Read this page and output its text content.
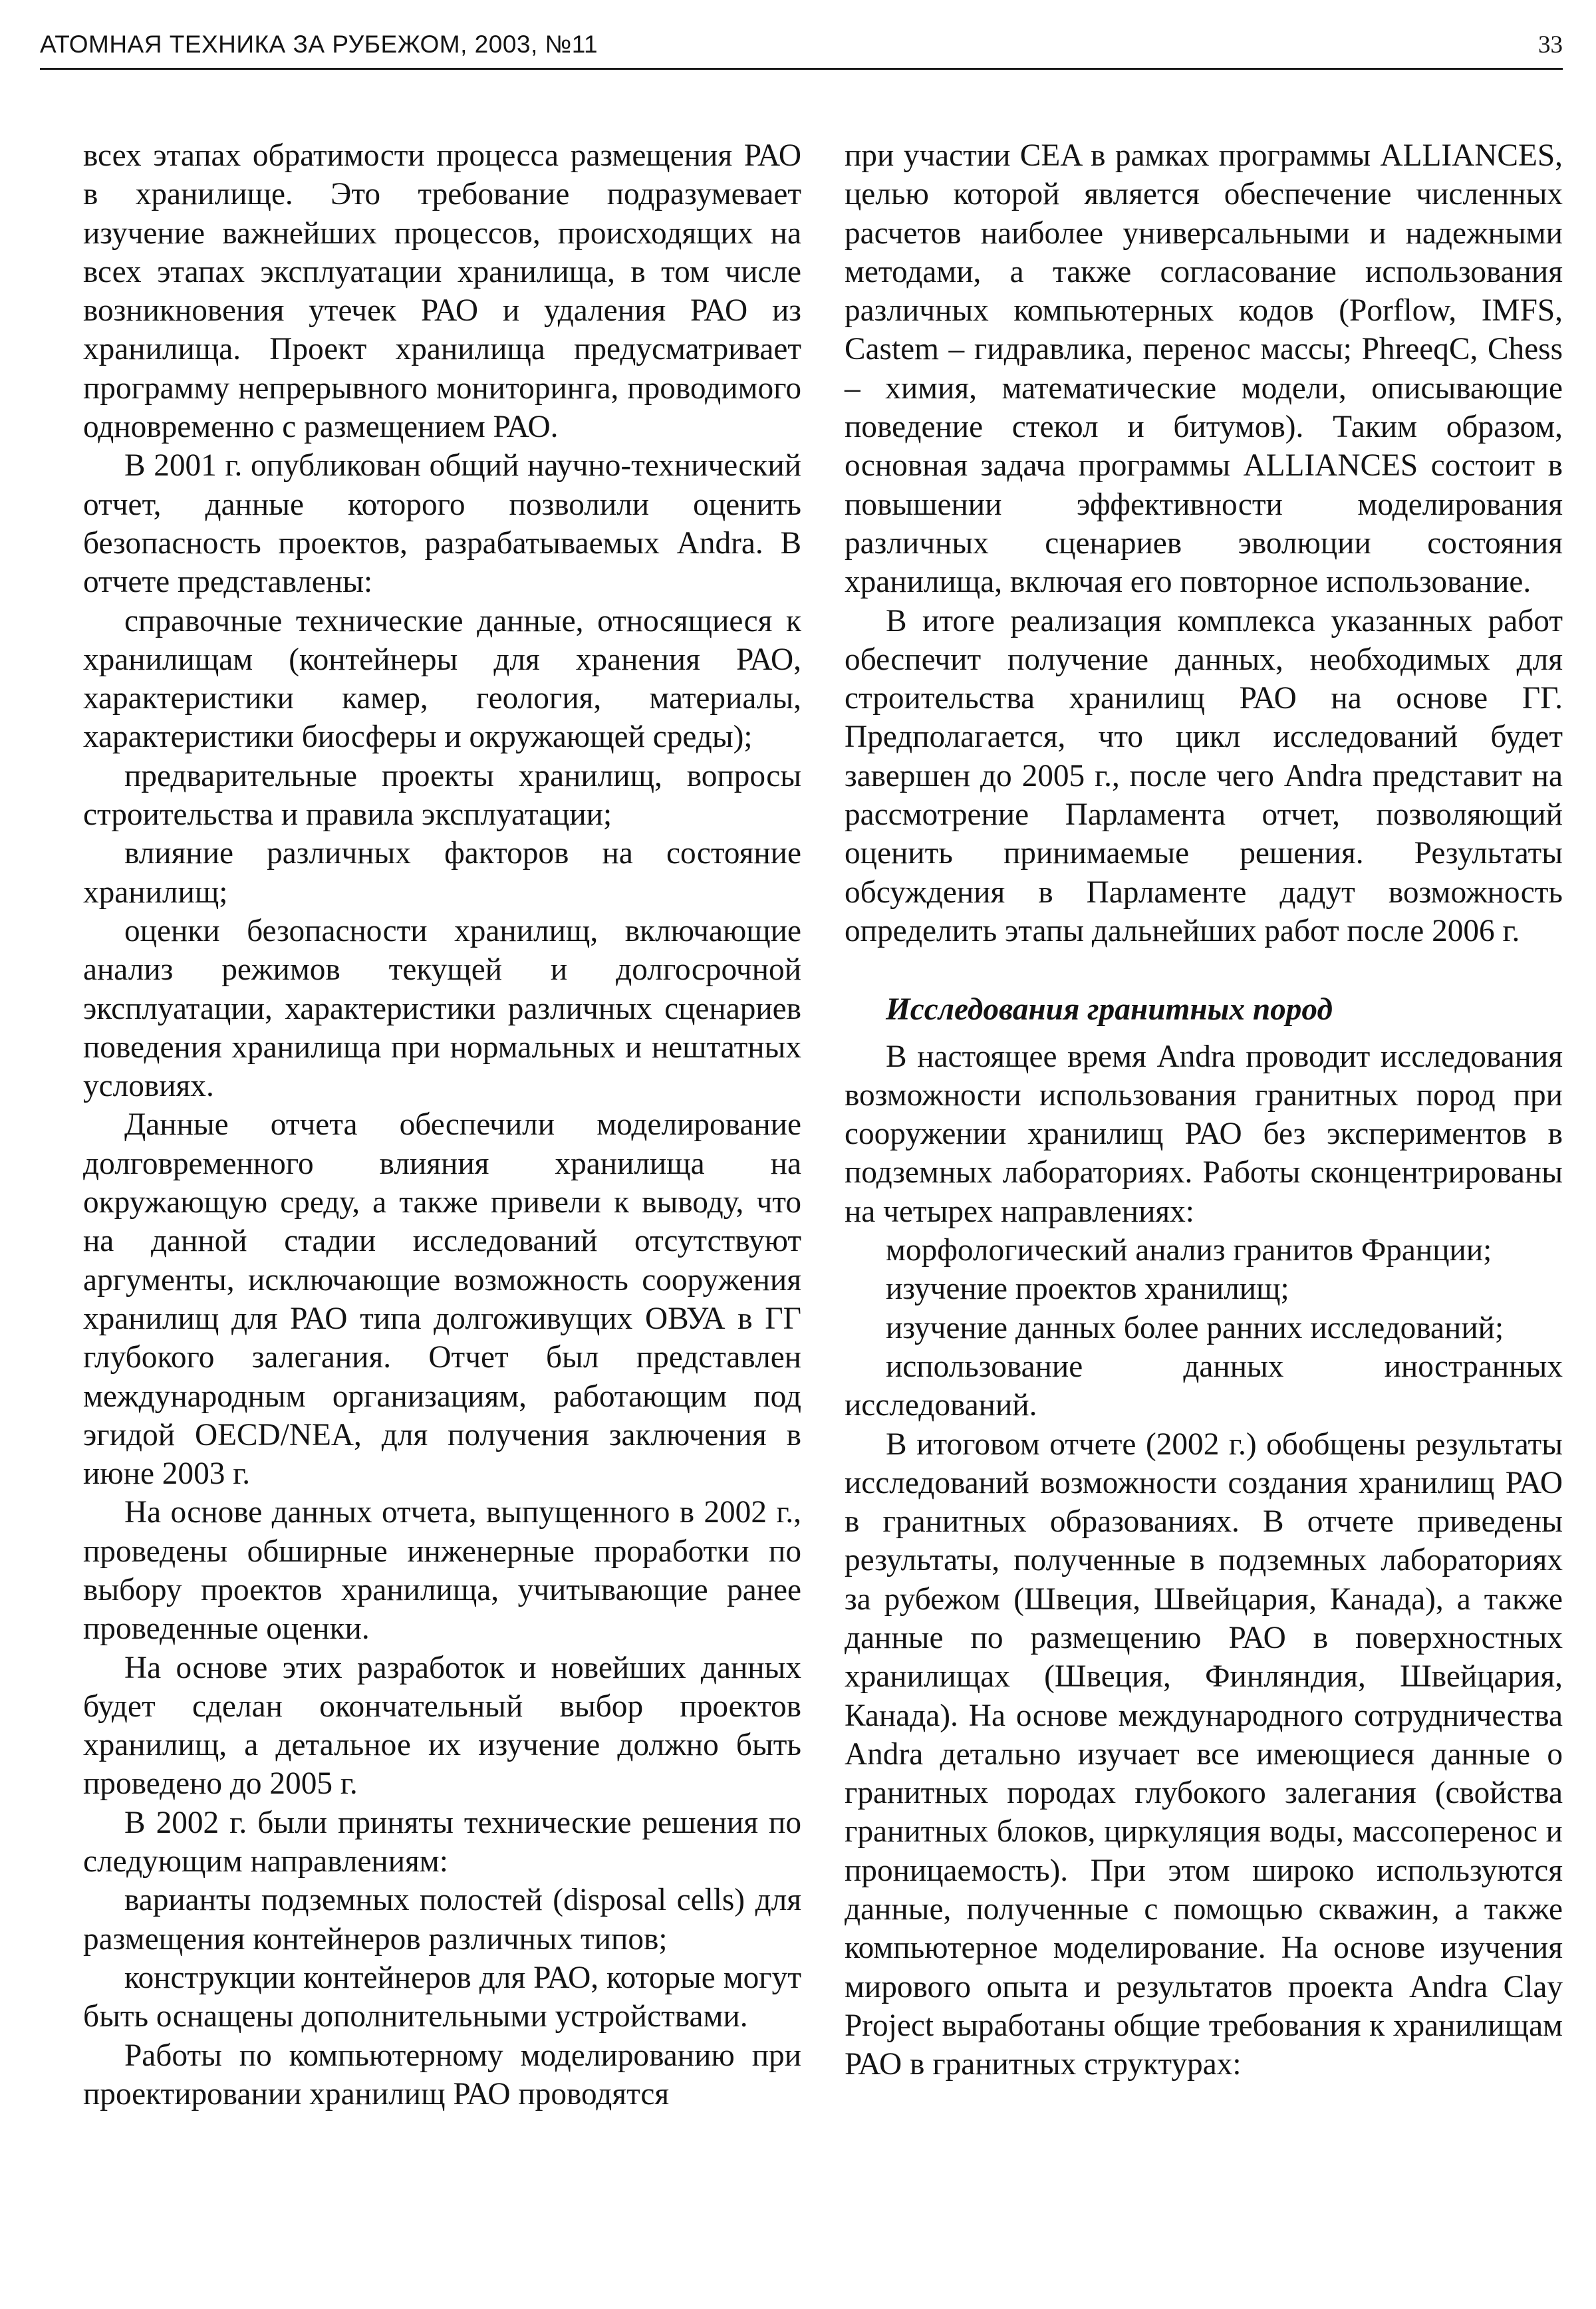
АТОМНАЯ ТЕХНИКА ЗА РУБЕЖОМ, 2003, №11	33

всех этапах обратимости процесса размещения РАО в хранилище. Это требование подразумевает изучение важнейших процессов, происходящих на всех этапах эксплуатации хранилища, в том числе возникновения утечек РАО и удаления РАО из хранилища. Проект хранилища предусматривает программу непрерывного мониторинга, проводимого одновременно с размещением РАО.

В 2001 г. опубликован общий научно-технический отчет, данные которого позволили оценить безопасность проектов, разрабатываемых Andra. В отчете представлены:

справочные технические данные, относящиеся к хранилищам (контейнеры для хранения РАО, характеристики камер, геология, материалы, характеристики биосферы и окружающей среды);

предварительные проекты хранилищ, вопросы строительства и правила эксплуатации;

влияние различных факторов на состояние хранилищ;

оценки безопасности хранилищ, включающие анализ режимов текущей и долгосрочной эксплуатации, характеристики различных сценариев поведения хранилища при нормальных и нештатных условиях.

Данные отчета обеспечили моделирование долговременного влияния хранилища на окружающую среду, а также привели к выводу, что на данной стадии исследований отсутствуют аргументы, исключающие возможность сооружения хранилищ для РАО типа долгоживущих ОВУА в ГГ глубокого залегания. Отчет был представлен международным организациям, работающим под эгидой OECD/NEA, для получения заключения в июне 2003 г.

На основе данных отчета, выпущенного в 2002 г., проведены обширные инженерные проработки по выбору проектов хранилища, учитывающие ранее проведенные оценки.

На основе этих разработок и новейших данных будет сделан окончательный выбор проектов хранилищ, а детальное их изучение должно быть проведено до 2005 г.

В 2002 г. были приняты технические решения по следующим направлениям:

варианты подземных полостей (disposal cells) для размещения контейнеров различных типов;

конструкции контейнеров для РАО, которые могут быть оснащены дополнительными устройствами.

Работы по компьютерному моделированию при проектировании хранилищ РАО проводятся

при участии CEA в рамках программы ALLIANCES, целью которой является обеспечение численных расчетов наиболее универсальными и надежными методами, а также согласование использования различных компьютерных кодов (Porflow, IMFS, Castem – гидравлика, перенос массы; PhreeqC, Chess – химия, математические модели, описывающие поведение стекол и битумов). Таким образом, основная задача программы ALLIANCES состоит в повышении эффективности моделирования различных сценариев эволюции состояния хранилища, включая его повторное использование.

В итоге реализация комплекса указанных работ обеспечит получение данных, необходимых для строительства хранилищ РАО на основе ГГ. Предполагается, что цикл исследований будет завершен до 2005 г., после чего Andra представит на рассмотрение Парламента отчет, позволяющий оценить принимаемые решения. Результаты обсуждения в Парламенте дадут возможность определить этапы дальнейших работ после 2006 г.

Исследования гранитных пород

В настоящее время Andra проводит исследования возможности использования гранитных пород при сооружении хранилищ РАО без экспериментов в подземных лабораториях. Работы сконцентрированы на четырех направлениях:

морфологический анализ гранитов Франции;

изучение проектов хранилищ;

изучение данных более ранних исследований;

использование данных иностранных исследований.

В итоговом отчете (2002 г.) обобщены результаты исследований возможности создания хранилищ РАО в гранитных образованиях. В отчете приведены результаты, полученные в подземных лабораториях за рубежом (Швеция, Швейцария, Канада), а также данные по размещению РАО в поверхностных хранилищах (Швеция, Финляндия, Швейцария, Канада). На основе международного сотрудничества Andra детально изучает все имеющиеся данные о гранитных породах глубокого залегания (свойства гранитных блоков, циркуляция воды, массоперенос и проницаемость). При этом широко используются данные, полученные с помощью скважин, а также компьютерное моделирование. На основе изучения мирового опыта и результатов проекта Andra Clay Project выработаны общие требования к хранилищам РАО в гранитных структурах:
